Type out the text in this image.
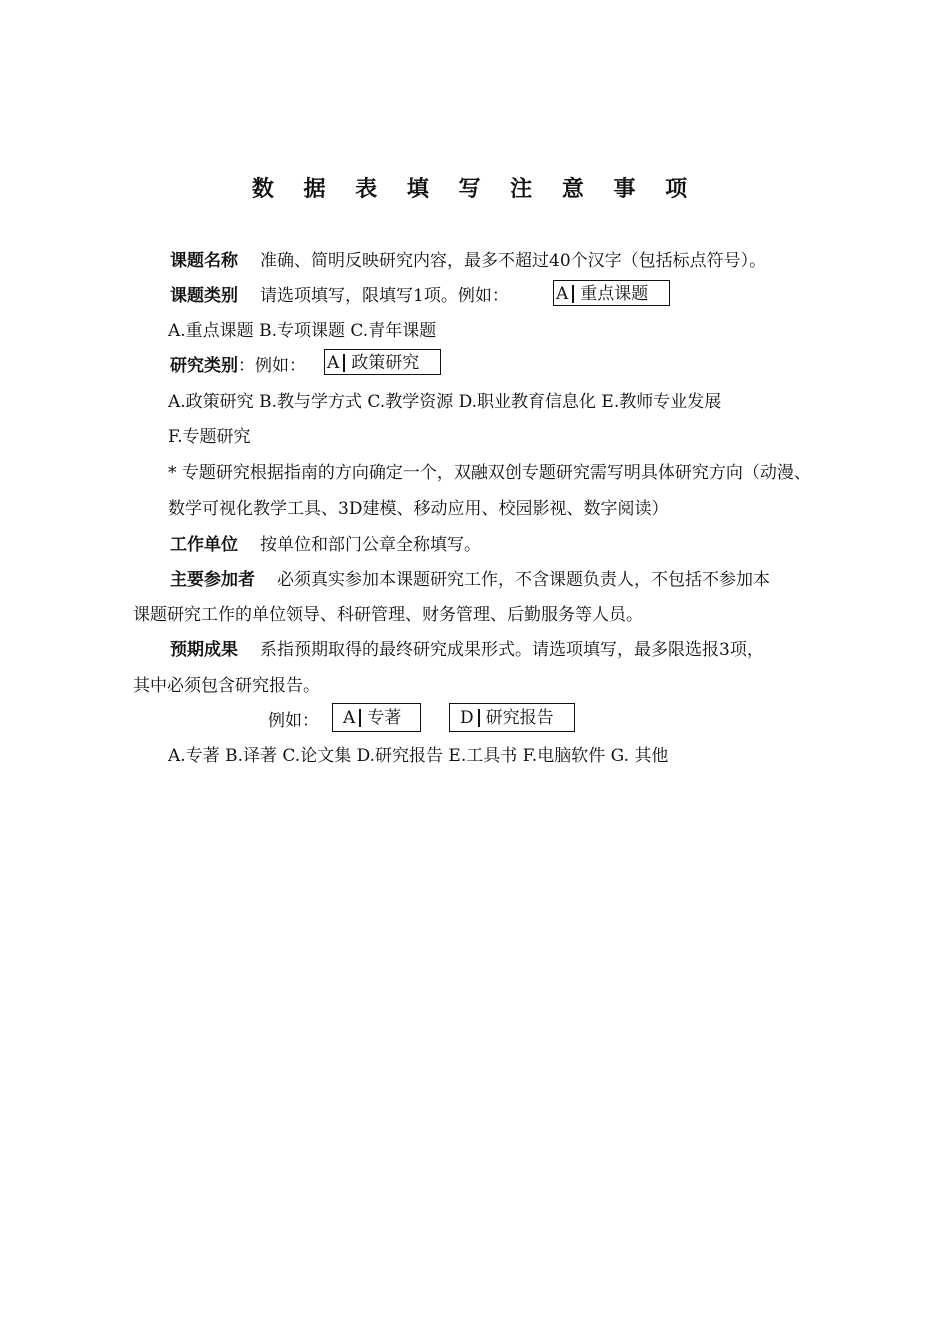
数 据 表 填 写 注 意 事 项
课题名称 准确、简明反映研究内容，最多不超过40个汉字（包括标点符号）。
课题类别 请选项填写，限填写1项。例如：	A 重点课题
A.重点课题 B.专项课题 C.青年课题
研究类别：例如： A 政策研究
A.政策研究 B.教与学方式 C.教学资源 D.职业教育信息化 E.教师专业发展
F.专题研究
* 专题研究根据指南的方向确定一个，双融双创专题研究需写明具体研究方向（动漫、
数学可视化教学工具、3D建模、移动应用、校园影视、数字阅读）
工作单位 按单位和部门公章全称填写。
主要参加者 必须真实参加本课题研究工作，不含课题负责人，不包括不参加本
课题研究工作的单位领导、科研管理、财务管理、后勤服务等人员。
预期成果 系指预期取得的最终研究成果形式。请选项填写，最多限选报3项，
其中必须包含研究报告。
例如：	A 专著	D 研究报告
A.专著 B.译著 C.论文集 D.研究报告 E.工具书 F.电脑软件 G. 其他
